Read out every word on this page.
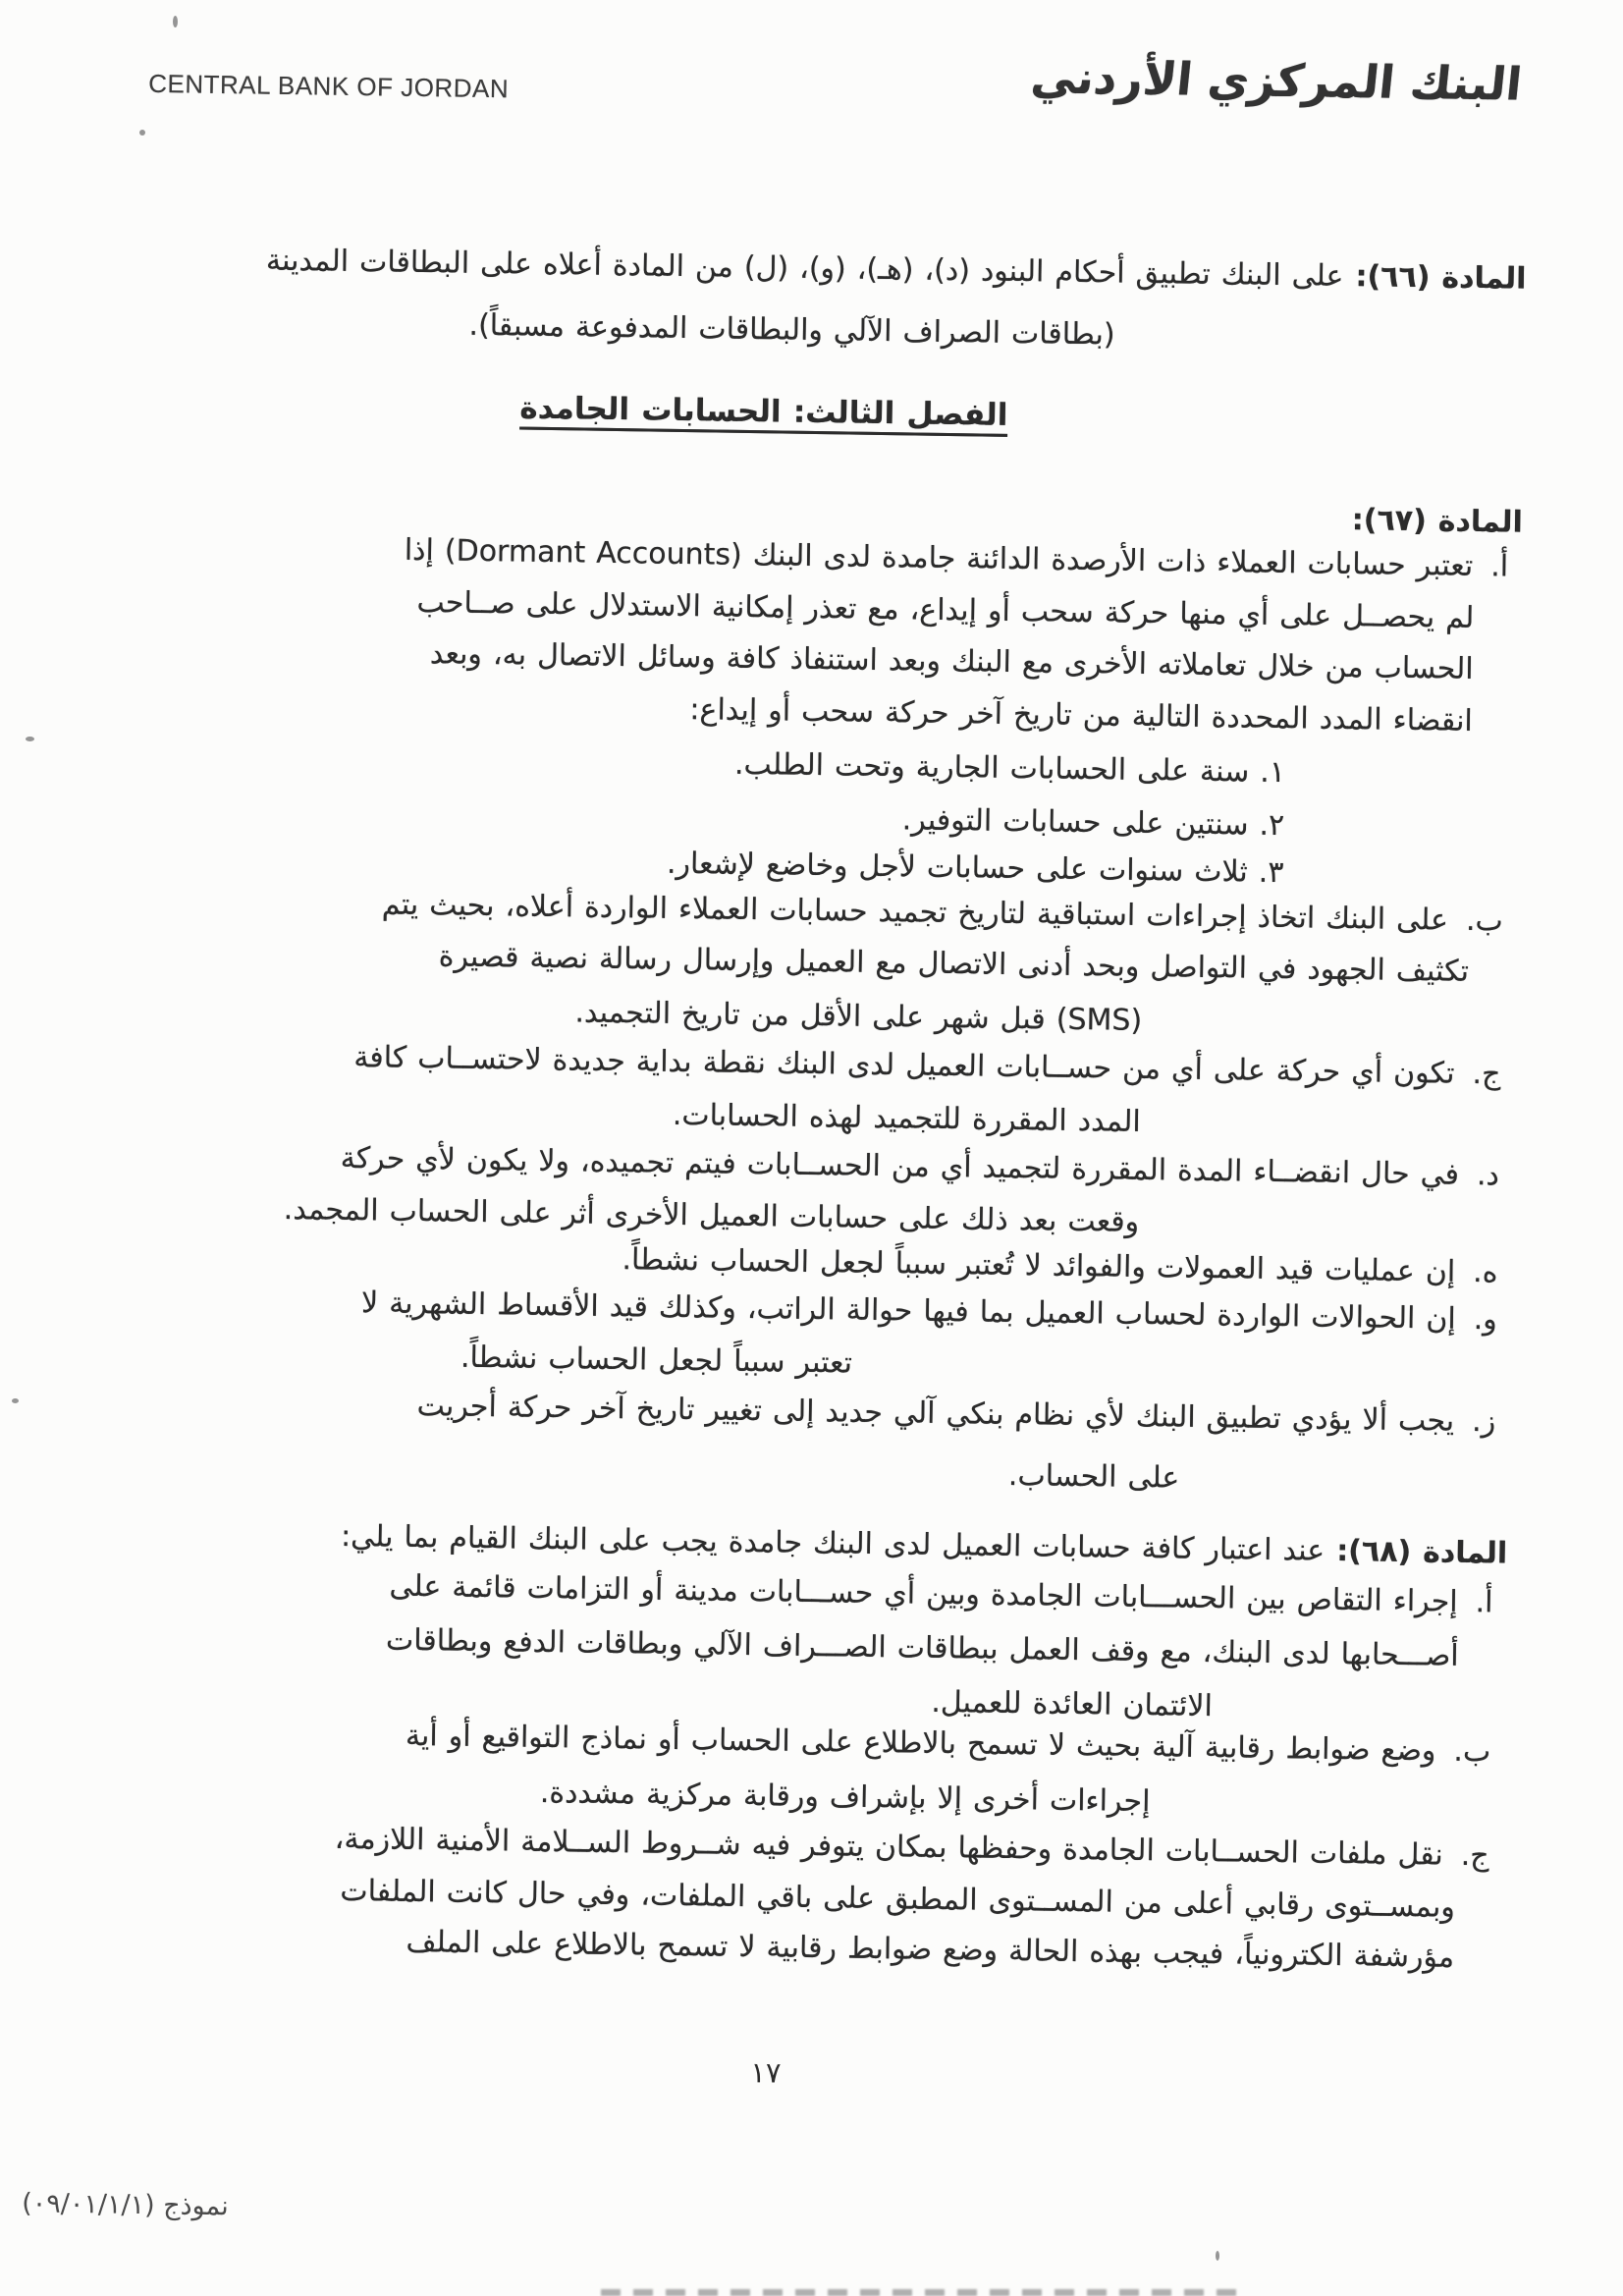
CENTRAL BANK OF JORDAN	البنك المركزي الأردني
المادة (٦٦):على البنك تطبيق أحكام البنود (د)، (هـ)، (و)، (ل) من المادة أعلاه على البطاقات المدينة
(بطاقات الصراف الآلي والبطاقات المدفوعة مسبقاً).
الفصل الثالث: الحسابات الجامدة
المادة (٦٧):
أ.تعتبر حسابات العملاء ذات الأرصدة الدائنة جامدة لدى البنك (Dormant Accounts) إذا
لم يحصــل على أي منها حركة سحب أو إيداع، مع تعذر إمكانية الاستدلال على صــاحب
الحساب من خلال تعاملاته الأخرى مع البنك وبعد استنفاذ كافة وسائل الاتصال به، وبعد
انقضاء المدد المحددة التالية من تاريخ آخر حركة سحب أو إيداع:
١. سنة على الحسابات الجارية وتحت الطلب.
٢. سنتين على حسابات التوفير.
٣. ثلاث سنوات على حسابات لأجل وخاضع لإشعار.
ب.على البنك اتخاذ إجراءات استباقية لتاريخ تجميد حسابات العملاء الواردة أعلاه، بحيث يتم
تكثيف الجهود في التواصل وبحد أدنى الاتصال مع العميل وإرسال رسالة نصية قصيرة
(SMS) قبل شهر على الأقل من تاريخ التجميد.
ج.تكون أي حركة على أي من حســابات العميل لدى البنك نقطة بداية جديدة لاحتســاب كافة
المدد المقررة للتجميد لهذه الحسابات.
د.في حال انقضــاء المدة المقررة لتجميد أي من الحســابات فيتم تجميده، ولا يكون لأي حركة
وقعت بعد ذلك على حسابات العميل الأخرى أثر على الحساب المجمد.
ه.إن عمليات قيد العمولات والفوائد لا تُعتبر سبباً لجعل الحساب نشطاً.
و.إن الحوالات الواردة لحساب العميل بما فيها حوالة الراتب، وكذلك قيد الأقساط الشهرية لا
تعتبر سبباً لجعل الحساب نشطاً.
ز.يجب ألا يؤدي تطبيق البنك لأي نظام بنكي آلي جديد إلى تغيير تاريخ آخر حركة أجريت
على الحساب.
المادة (٦٨):عند اعتبار كافة حسابات العميل لدى البنك جامدة يجب على البنك القيام بما يلي:
أ.إجراء التقاص بين الحســـابات الجامدة وبين أي حســـابات مدينة أو التزامات قائمة على
أصـــحابها لدى البنك، مع وقف العمل ببطاقات الصـــراف الآلي وبطاقات الدفع وبطاقات
الائتمان العائدة للعميل.
ب.وضع ضوابط رقابية آلية بحيث لا تسمح بالاطلاع على الحساب أو نماذج التواقيع أو أية
إجراءات أخرى إلا بإشراف ورقابة مركزية مشددة.
ج.نقل ملفات الحســابات الجامدة وحفظها بمكان يتوفر فيه شــروط الســلامة الأمنية اللازمة،
وبمســتوى رقابي أعلى من المســتوى المطبق على باقي الملفات، وفي حال كانت الملفات
مؤرشفة الكترونياً، فيجب بهذه الحالة وضع ضوابط رقابية لا تسمح بالاطلاع على الملف
١٧
نموذج (٠٩/٠١/١/١)
